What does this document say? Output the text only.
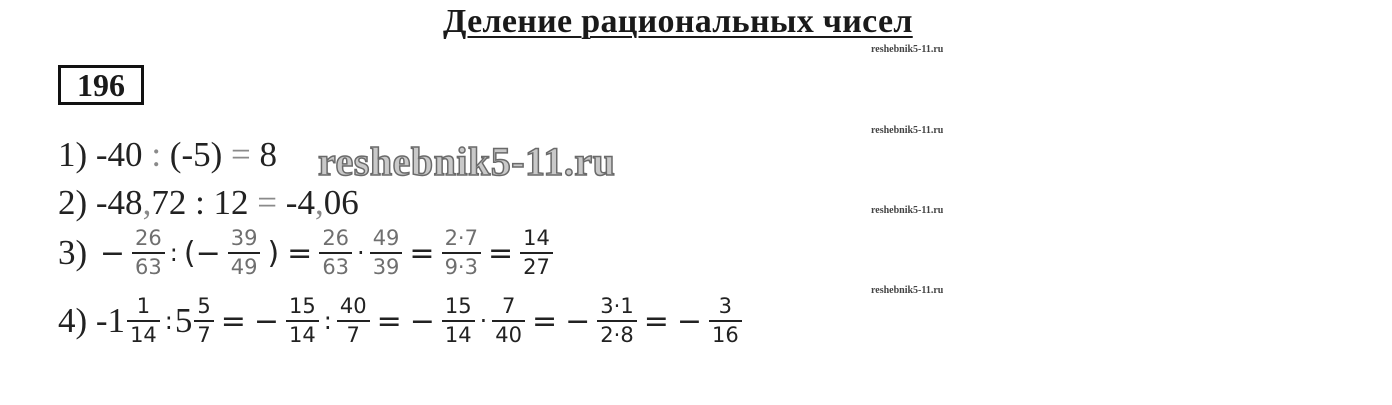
Деление рациональных чисел
reshebnik5-11.ru
reshebnik5-11.ru
reshebnik5-11.ru
reshebnik5-11.ru
196
1)
-40
:
(-5)
=
8 reshebnik5-11.ru
2)
-48 , 72 : 12
=
-4 , 06
3)
− $\frac{26}{63}$ : (− $\frac{39}{49}$ ) = $\frac{26}{63} \cdot \frac{49}{39} = \frac{2\cdot 7}{9\cdot 3} = \frac{14}{27}$
4)
$-1 \frac{1}{14}$ : $5 \frac{5}{7}$ = − $\frac{15}{14}$ : $\frac{40}{7}$ = − $\frac{15}{14} \cdot \frac{7}{40}$ = − $\frac{3\cdot 1}{2\cdot 8}$ = − $\frac{3}{16}$
